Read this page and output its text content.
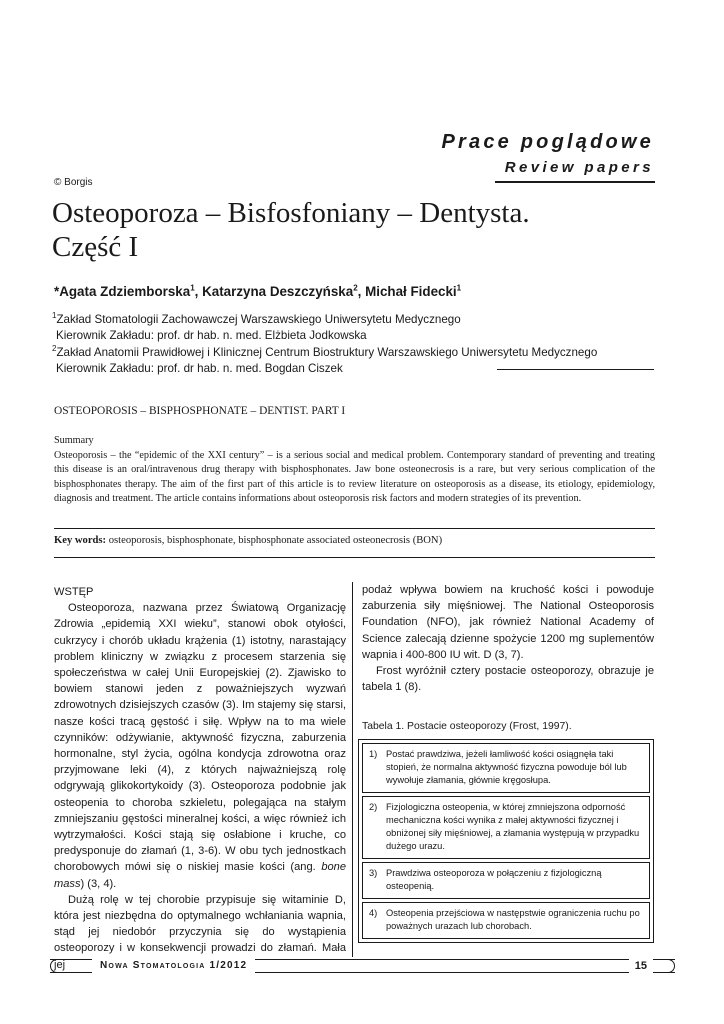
Prace poglądowe
Review papers
© Borgis
Osteoporoza – Bisfosfoniany – Dentysta.
Część I
*Agata Zdziemborska$^1$, Katarzyna Deszczyńska$^2$, Michał Fidecki$^1$
$^1$Zakład Stomatologii Zachowawczej Warszawskiego Uniwersytetu Medycznego
Kierownik Zakładu: prof. dr hab. n. med. Elżbieta Jodkowska
$^2$Zakład Anatomii Prawidłowej i Klinicznej Centrum Biostruktury Warszawskiego Uniwersytetu Medycznego
Kierownik Zakładu: prof. dr hab. n. med. Bogdan Ciszek
OSTEOPOROSIS – BISPHOSPHONATE – DENTIST. PART I
Summary
Osteoporosis – the “epidemic of the XXI century” – is a serious social and medical problem. Contemporary standard of preventing and treating this disease is an oral/intravenous drug therapy with bisphosphonates. Jaw bone osteonecrosis is a rare, but very serious complication of the bisphosphonates therapy. The aim of the first part of this article is to review literature on osteoporosis as a disease, its etiology, epidemiology, diagnosis and treatment. The article contains informations about osteoporosis risk factors and modern strategies of its prevention.
Key words: osteoporosis, bisphosphonate, bisphosphonate associated osteonecrosis (BON)
WSTĘP

Osteoporoza, nazwana przez Światową Organizację Zdrowia „epidemią XXI wieku”, stanowi obok otyłości, cukrzycy i chorób układu krążenia (1) istotny, narastający problem kliniczny w związku z procesem starzenia się społeczeństwa w całej Unii Europejskiej (2). Zjawisko to bowiem stanowi jeden z poważniejszych wyzwań zdrowotnych dzisiejszych czasów (3). Im stajemy się starsi, nasze kości tracą gęstość i siłę. Wpływ na to ma wiele czynników: odżywianie, aktywność fizyczna, zaburzenia hormonalne, styl życia, ogólna kondycja zdrowotna oraz przyjmowane leki (4), z których najważniejszą rolę odgrywają glikokortykoidy (3). Osteoporoza podobnie jak osteopenia to choroba szkieletu, polegająca na stałym zmniejszaniu gęstości mineralnej kości, a więc również ich wytrzymałości. Kości stają się osłabione i kruche, co predysponuje do złamań (1, 3-6). W obu tych jednostkach chorobowych mówi się o niskiej masie kości (ang. bone mass) (3, 4).

Dużą rolę w tej chorobie przypisuje się witaminie D, która jest niezbędna do optymalnego wchłaniania wapnia, stąd jej niedobór przyczynia się do wystąpienia osteoporozy i w konsekwencji prowadzi do złamań. Mała jej

podaż wpływa bowiem na kruchość kości i powoduje zaburzenia siły mięśniowej. The National Osteoporosis Foundation (NFO), jak również National Academy of Science zalecają dzienne spożycie 1200 mg suplementów wapnia i 400-800 IU wit. D (3, 7).

Frost wyróżnił cztery postacie osteoporozy, obrazuje je tabela 1 (8).

Tabela 1. Postacie osteoporozy (Frost, 1997).
1) Postać prawdziwa, jeżeli łamliwość kości osiągnęła taki stopień, że normalna aktywność fizyczna powoduje ból lub wywołuje złamania, głównie kręgosłupa.
2) Fizjologiczna osteopenia, w której zmniejszona odporność mechaniczna kości wynika z małej aktywności fizycznej i obniżonej siły mięśniowej, a złamania występują w przypadku dużego urazu.
3) Prawdziwa osteoporoza w połączeniu z fizjologiczną osteopenią.
4) Osteopenia przejściowa w następstwie ograniczenia ruchu po poważnych urazach lub chorobach.
Nowa Stomatologia 1/2012	15
